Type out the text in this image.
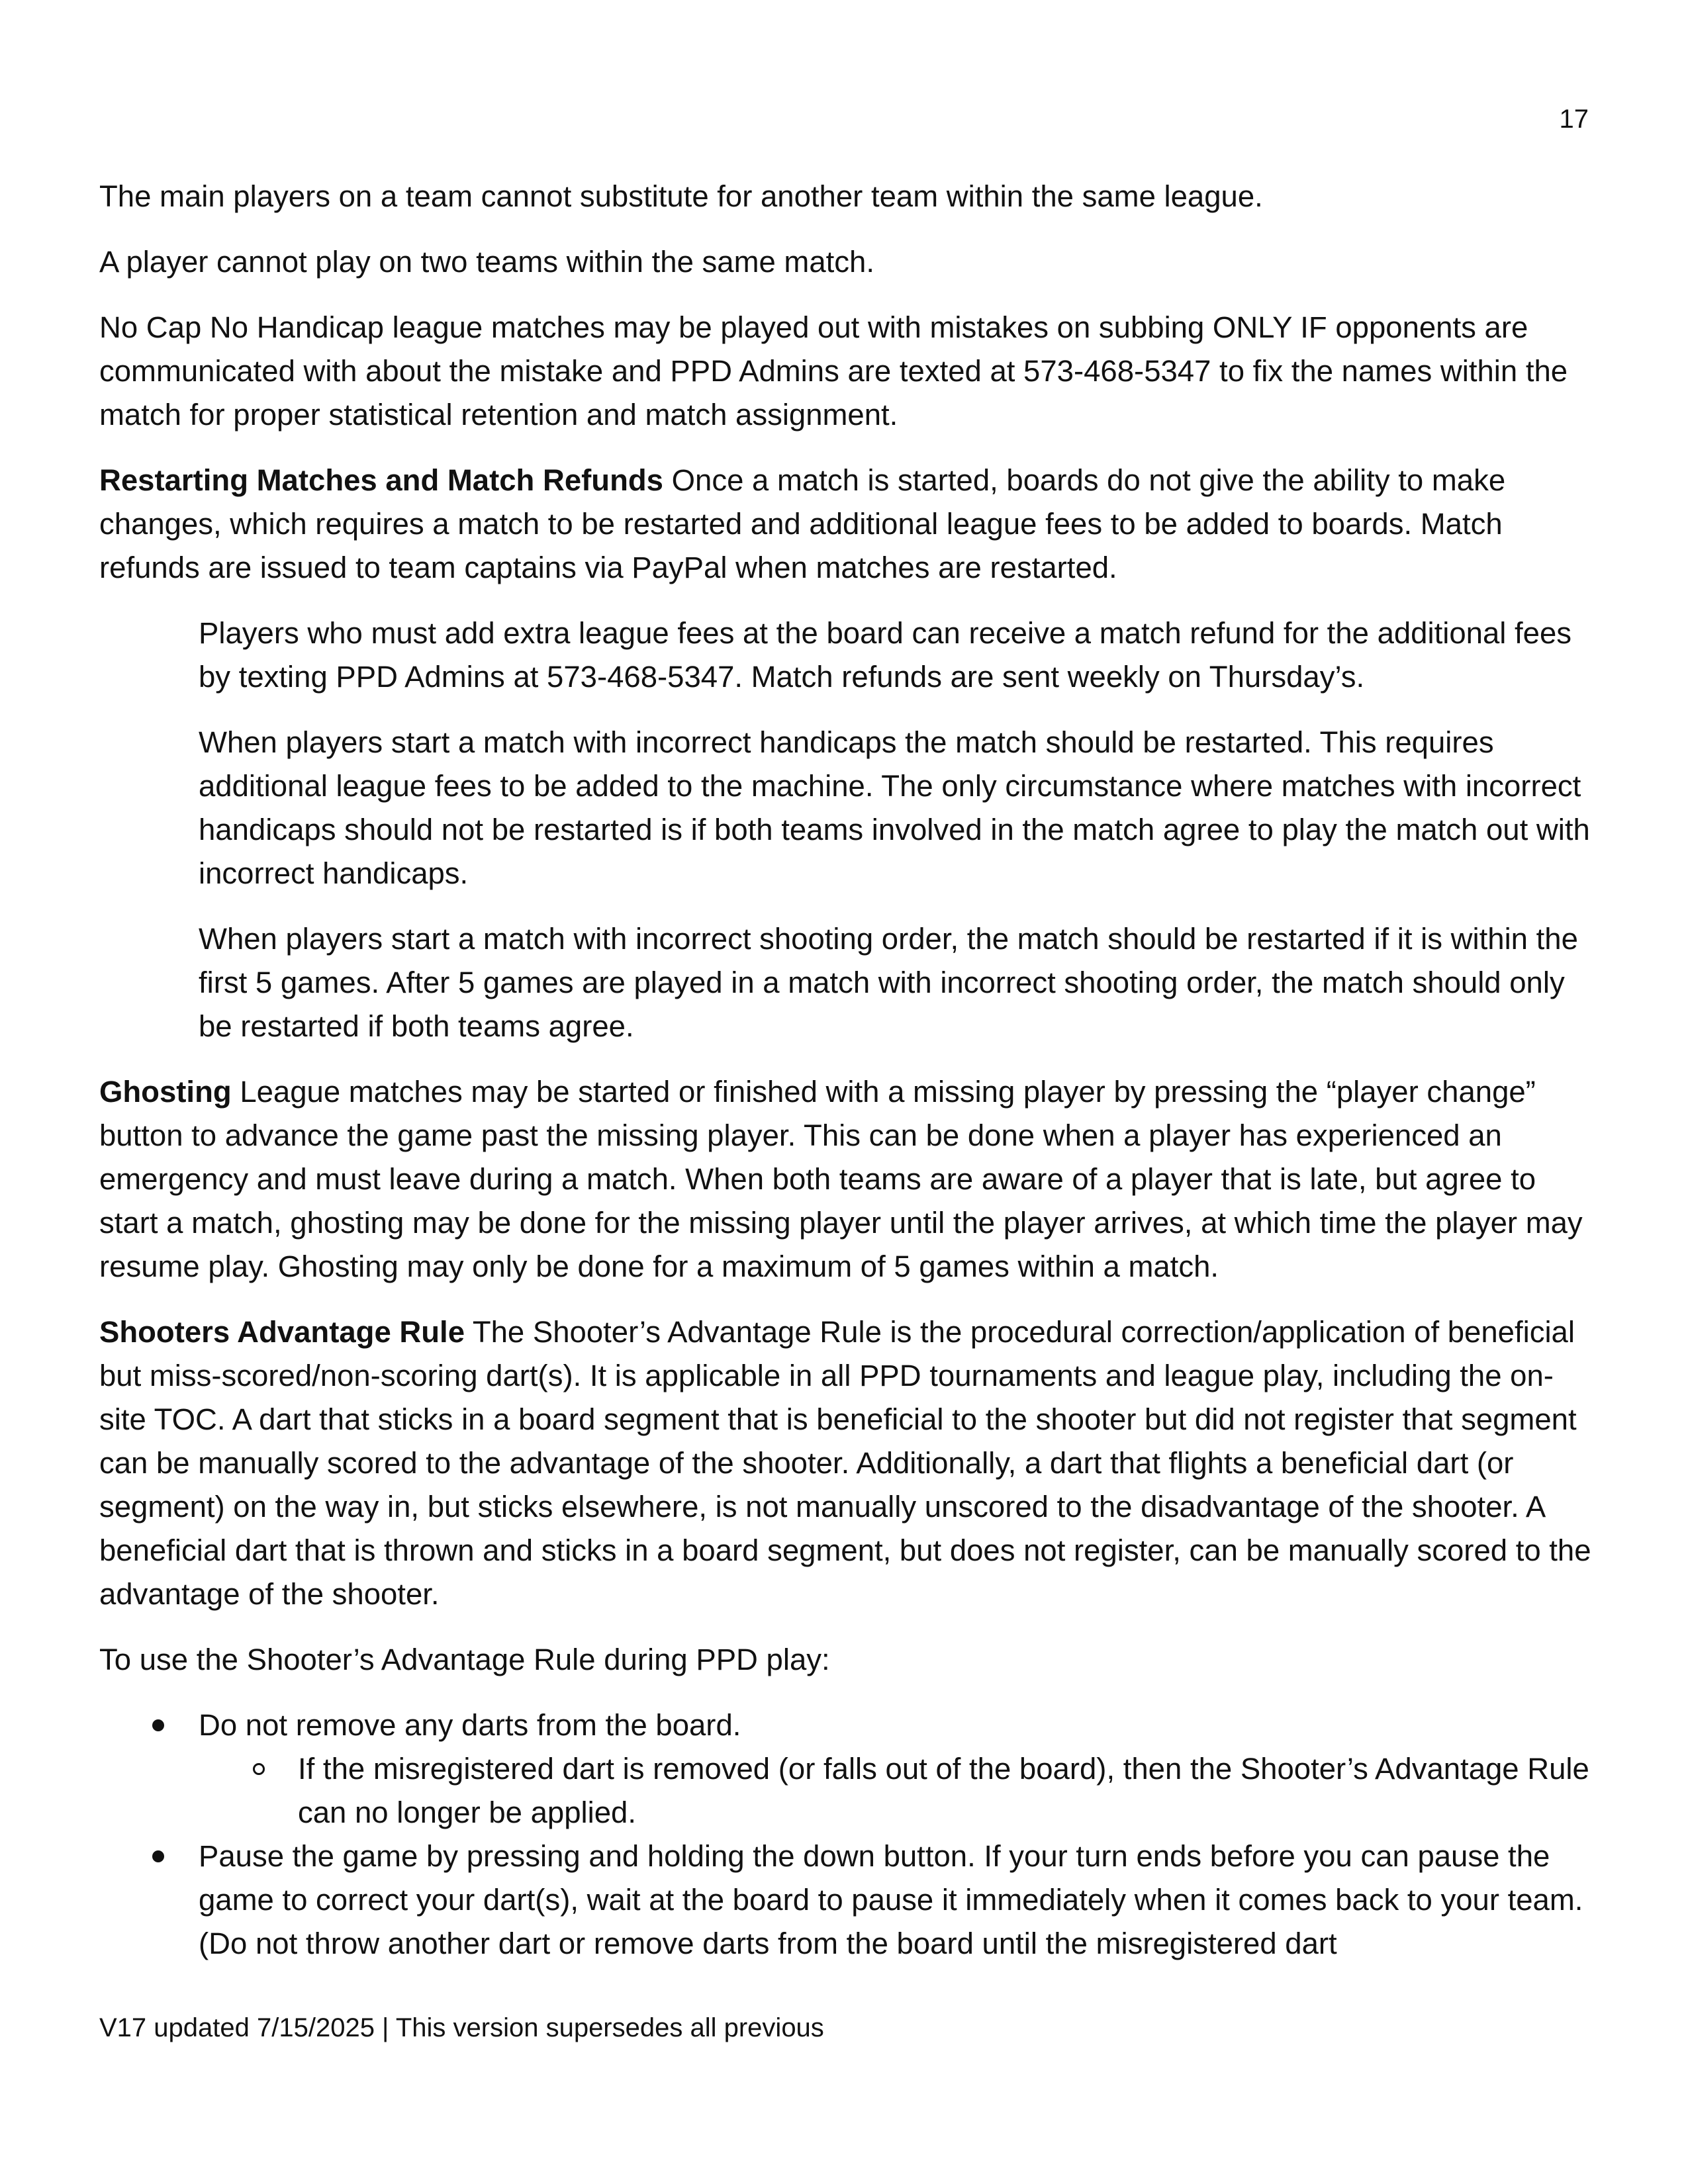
17

The main players on a team cannot substitute for another team within the same league.

A player cannot play on two teams within the same match.

No Cap No Handicap league matches may be played out with mistakes on subbing ONLY IF opponents are communicated with about the mistake and PPD Admins are texted at 573-468-5347 to fix the names within the match for proper statistical retention and match assignment.

Restarting Matches and Match Refunds Once a match is started, boards do not give the ability to make changes, which requires a match to be restarted and additional league fees to be added to boards. Match refunds are issued to team captains via PayPal when matches are restarted.

Players who must add extra league fees at the board can receive a match refund for the additional fees by texting PPD Admins at 573-468-5347. Match refunds are sent weekly on Thursday’s.

When players start a match with incorrect handicaps the match should be restarted. This requires additional league fees to be added to the machine. The only circumstance where matches with incorrect handicaps should not be restarted is if both teams involved in the match agree to play the match out with incorrect handicaps.

When players start a match with incorrect shooting order, the match should be restarted if it is within the first 5 games. After 5 games are played in a match with incorrect shooting order, the match should only be restarted if both teams agree.

Ghosting League matches may be started or finished with a missing player by pressing the “player change” button to advance the game past the missing player. This can be done when a player has experienced an emergency and must leave during a match. When both teams are aware of a player that is late, but agree to start a match, ghosting may be done for the missing player until the player arrives, at which time the player may resume play. Ghosting may only be done for a maximum of 5 games within a match.

Shooters Advantage Rule The Shooter’s Advantage Rule is the procedural correction/application of beneficial but miss-scored/non-scoring dart(s). It is applicable in all PPD tournaments and league play, including the on-site TOC. A dart that sticks in a board segment that is beneficial to the shooter but did not register that segment can be manually scored to the advantage of the shooter. Additionally, a dart that flights a beneficial dart (or segment) on the way in, but sticks elsewhere, is not manually unscored to the disadvantage of the shooter. A beneficial dart that is thrown and sticks in a board segment, but does not register, can be manually scored to the advantage of the shooter.

To use the Shooter’s Advantage Rule during PPD play:

Do not remove any darts from the board.
If the misregistered dart is removed (or falls out of the board), then the Shooter’s Advantage Rule can no longer be applied.
Pause the game by pressing and holding the down button. If your turn ends before you can pause the game to correct your dart(s), wait at the board to pause it immediately when it comes back to your team. (Do not throw another dart or remove darts from the board until the misregistered dart
V17 updated 7/15/2025 | This version supersedes all previous
